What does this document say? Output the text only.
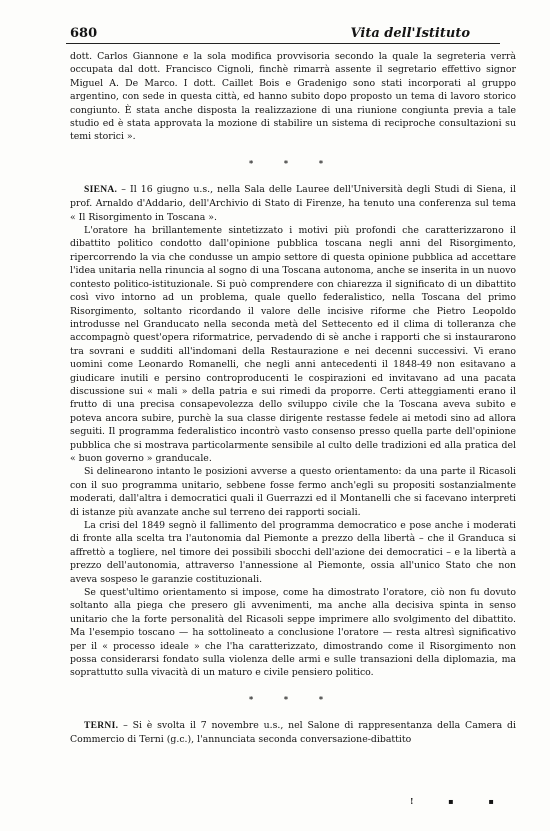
680	Vita dell'Istituto

dott. Carlos Giannone e la sola modifica provvisoria secondo la quale la segreteria verrà occupata dal dott. Francisco Cignoli, finchè rimarrà assente il segretario effettivo signor Miguel A. De Marco. I dott. Caillet Bois e Gradenigo sono stati incorporati al gruppo argentino, con sede in questa città, ed hanno subito dopo proposto un tema di lavoro storico congiunto. È stata anche disposta la realizzazione di una riunione congiunta previa a tale studio ed è stata approvata la mozione di stabilire un sistema di reciproche consultazioni su temi storici ».

* * *

SIENA. – Il 16 giugno u.s., nella Sala delle Lauree dell'Università degli Studi di Siena, il prof. Arnaldo d'Addario, dell'Archivio di Stato di Firenze, ha tenuto una conferenza sul tema « Il Risorgimento in Toscana ».

L'oratore ha brillantemente sintetizzato i motivi più profondi che caratterizzarono il dibattito politico condotto dall'opinione pubblica toscana negli anni del Risorgimento, ripercorrendo la via che condusse un ampio settore di questa opinione pubblica ad accettare l'idea unitaria nella rinuncia al sogno di una Toscana autonoma, anche se inserita in un nuovo contesto politico-istituzionale. Si può comprendere con chiarezza il significato di un dibattito così vivo intorno ad un problema, quale quello federalistico, nella Toscana del primo Risorgimento, soltanto ricordando il valore delle incisive riforme che Pietro Leopoldo introdusse nel Granducato nella seconda metà del Settecento ed il clima di tolleranza che accompagnò quest'opera riformatrice, pervadendo di sè anche i rapporti che si instaurarono tra sovrani e sudditi all'indomani della Restaurazione e nei decenni successivi. Vi erano uomini come Leonardo Romanelli, che negli anni antecedenti il 1848-49 non esitavano a giudicare inutili e persino controproducenti le cospirazioni ed invitavano ad una pacata discussione sui « mali » della patria e sui rimedi da proporre. Certi atteggiamenti erano il frutto di una precisa consapevolezza dello sviluppo civile che la Toscana aveva subito e poteva ancora subire, purchè la sua classe dirigente restasse fedele ai metodi sino ad allora seguiti. Il programma federalistico incontrò vasto consenso presso quella parte dell'opinione pubblica che si mostrava particolarmente sensibile al culto delle tradizioni ed alla pratica del « buon governo » granducale.

Si delinearono intanto le posizioni avverse a questo orientamento: da una parte il Ricasoli con il suo programma unitario, sebbene fosse fermo anch'egli su propositi sostanzialmente moderati, dall'altra i democratici quali il Guerrazzi ed il Montanelli che si facevano interpreti di istanze più avanzate anche sul terreno dei rapporti sociali.

La crisi del 1849 segnò il fallimento del programma democratico e pose anche i moderati di fronte alla scelta tra l'autonomia dal Piemonte a prezzo della libertà – che il Granduca si affrettò a togliere, nel timore dei possibili sbocchi dell'azione dei democratici – e la libertà a prezzo dell'autonomia, attraverso l'annessione al Piemonte, ossia all'unico Stato che non aveva sospeso le garanzie costituzionali.

Se quest'ultimo orientamento si impose, come ha dimostrato l'oratore, ciò non fu dovuto soltanto alla piega che presero gli avvenimenti, ma anche alla decisiva spinta in senso unitario che la forte personalità del Ricasoli seppe imprimere allo svolgimento del dibattito. Ma l'esempio toscano — ha sottolineato a conclusione l'oratore — resta altresì significativo per il « processo ideale » che l'ha caratterizzato, dimostrando come il Risorgimento non possa considerarsi fondato sulla violenza delle armi e sulle transazioni della diplomazia, ma soprattutto sulla vivacità di un maturo e civile pensiero politico.

* * *

TERNI. – Si è svolta il 7 novembre u.s., nel Salone di rappresentanza della Camera di Commercio di Terni (g.c.), l'annunciata seconda conversazione-dibattito

! ▪ ▪
